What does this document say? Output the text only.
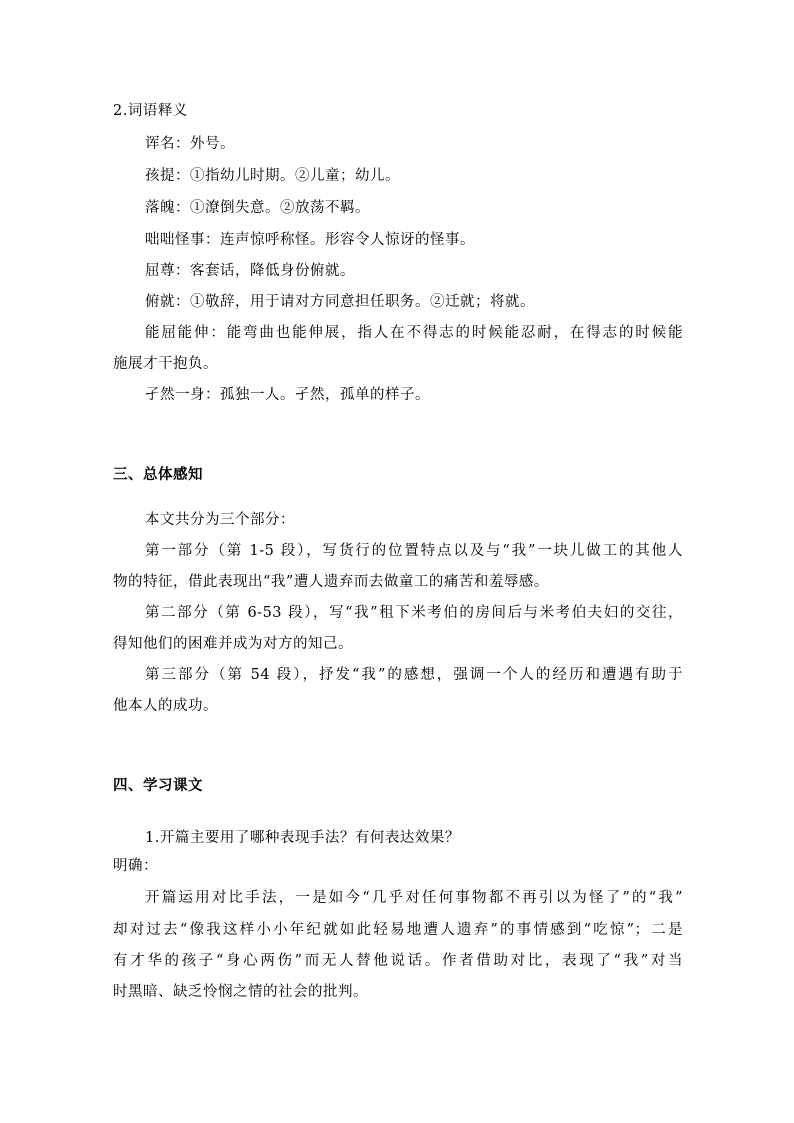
2.词语释义
诨名：外号。
孩提：①指幼儿时期。②儿童；幼儿。
落魄：①潦倒失意。②放荡不羁。
咄咄怪事：连声惊呼称怪。形容令人惊讶的怪事。
屈尊：客套话，降低身份俯就。
俯就：①敬辞，用于请对方同意担任职务。②迁就；将就。
能屈能伸：能弯曲也能伸展，指人在不得志的时候能忍耐，在得志的时候能
施展才干抱负。
孑然一身：孤独一人。孑然，孤单的样子。
三、总体感知
本文共分为三个部分：
第一部分（第 1-5 段），写货行的位置特点以及与“我”一块儿做工的其他人
物的特征，借此表现出“我”遭人遗弃而去做童工的痛苦和羞辱感。
第二部分（第 6-53 段），写“我”租下米考伯的房间后与米考伯夫妇的交往，
得知他们的困难并成为对方的知己。
第三部分（第 54 段），抒发“我”的感想，强调一个人的经历和遭遇有助于
他本人的成功。
四、学习课文
1.开篇主要用了哪种表现手法？有何表达效果？
明确：
开篇运用对比手法，一是如今“几乎对任何事物都不再引以为怪了”的“我”
却对过去“像我这样小小年纪就如此轻易地遭人遗弃”的事情感到“吃惊”；二是
有才华的孩子“身心两伤”而无人替他说话。作者借助对比，表现了“我”对当
时黑暗、缺乏怜悯之情的社会的批判。
